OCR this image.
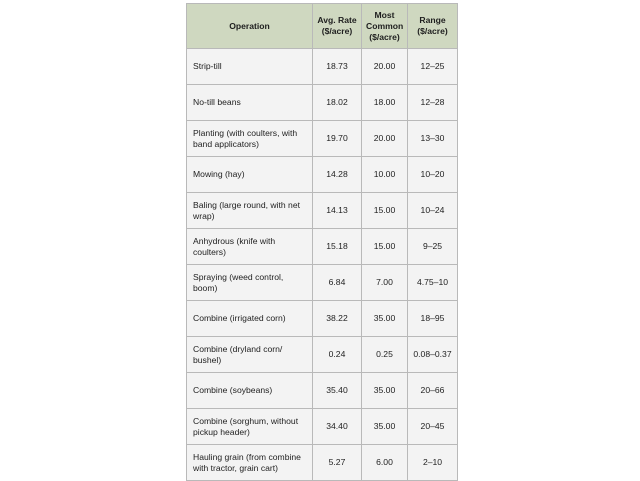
Operation	Avg. Rate ($/acre)	Most Common ($/acre)	Range ($/acre)
Strip-till	18.73	20.00	12–25
No-till beans	18.02	18.00	12–28
Planting (with coulters, with band applicators)	19.70	20.00	13–30
Mowing (hay)	14.28	10.00	10–20
Baling (large round, with net wrap)	14.13	15.00	10–24
Anhydrous (knife with coulters)	15.18	15.00	9–25
Spraying (weed control, boom)	6.84	7.00	4.75–10
Combine (irrigated corn)	38.22	35.00	18–95
Combine (dryland corn/ bushel)	0.24	0.25	0.08–0.37
Combine (soybeans)	35.40	35.00	20–66
Combine (sorghum, without pickup header)	34.40	35.00	20–45
Hauling grain (from combine with tractor, grain cart)	5.27	6.00	2–10
